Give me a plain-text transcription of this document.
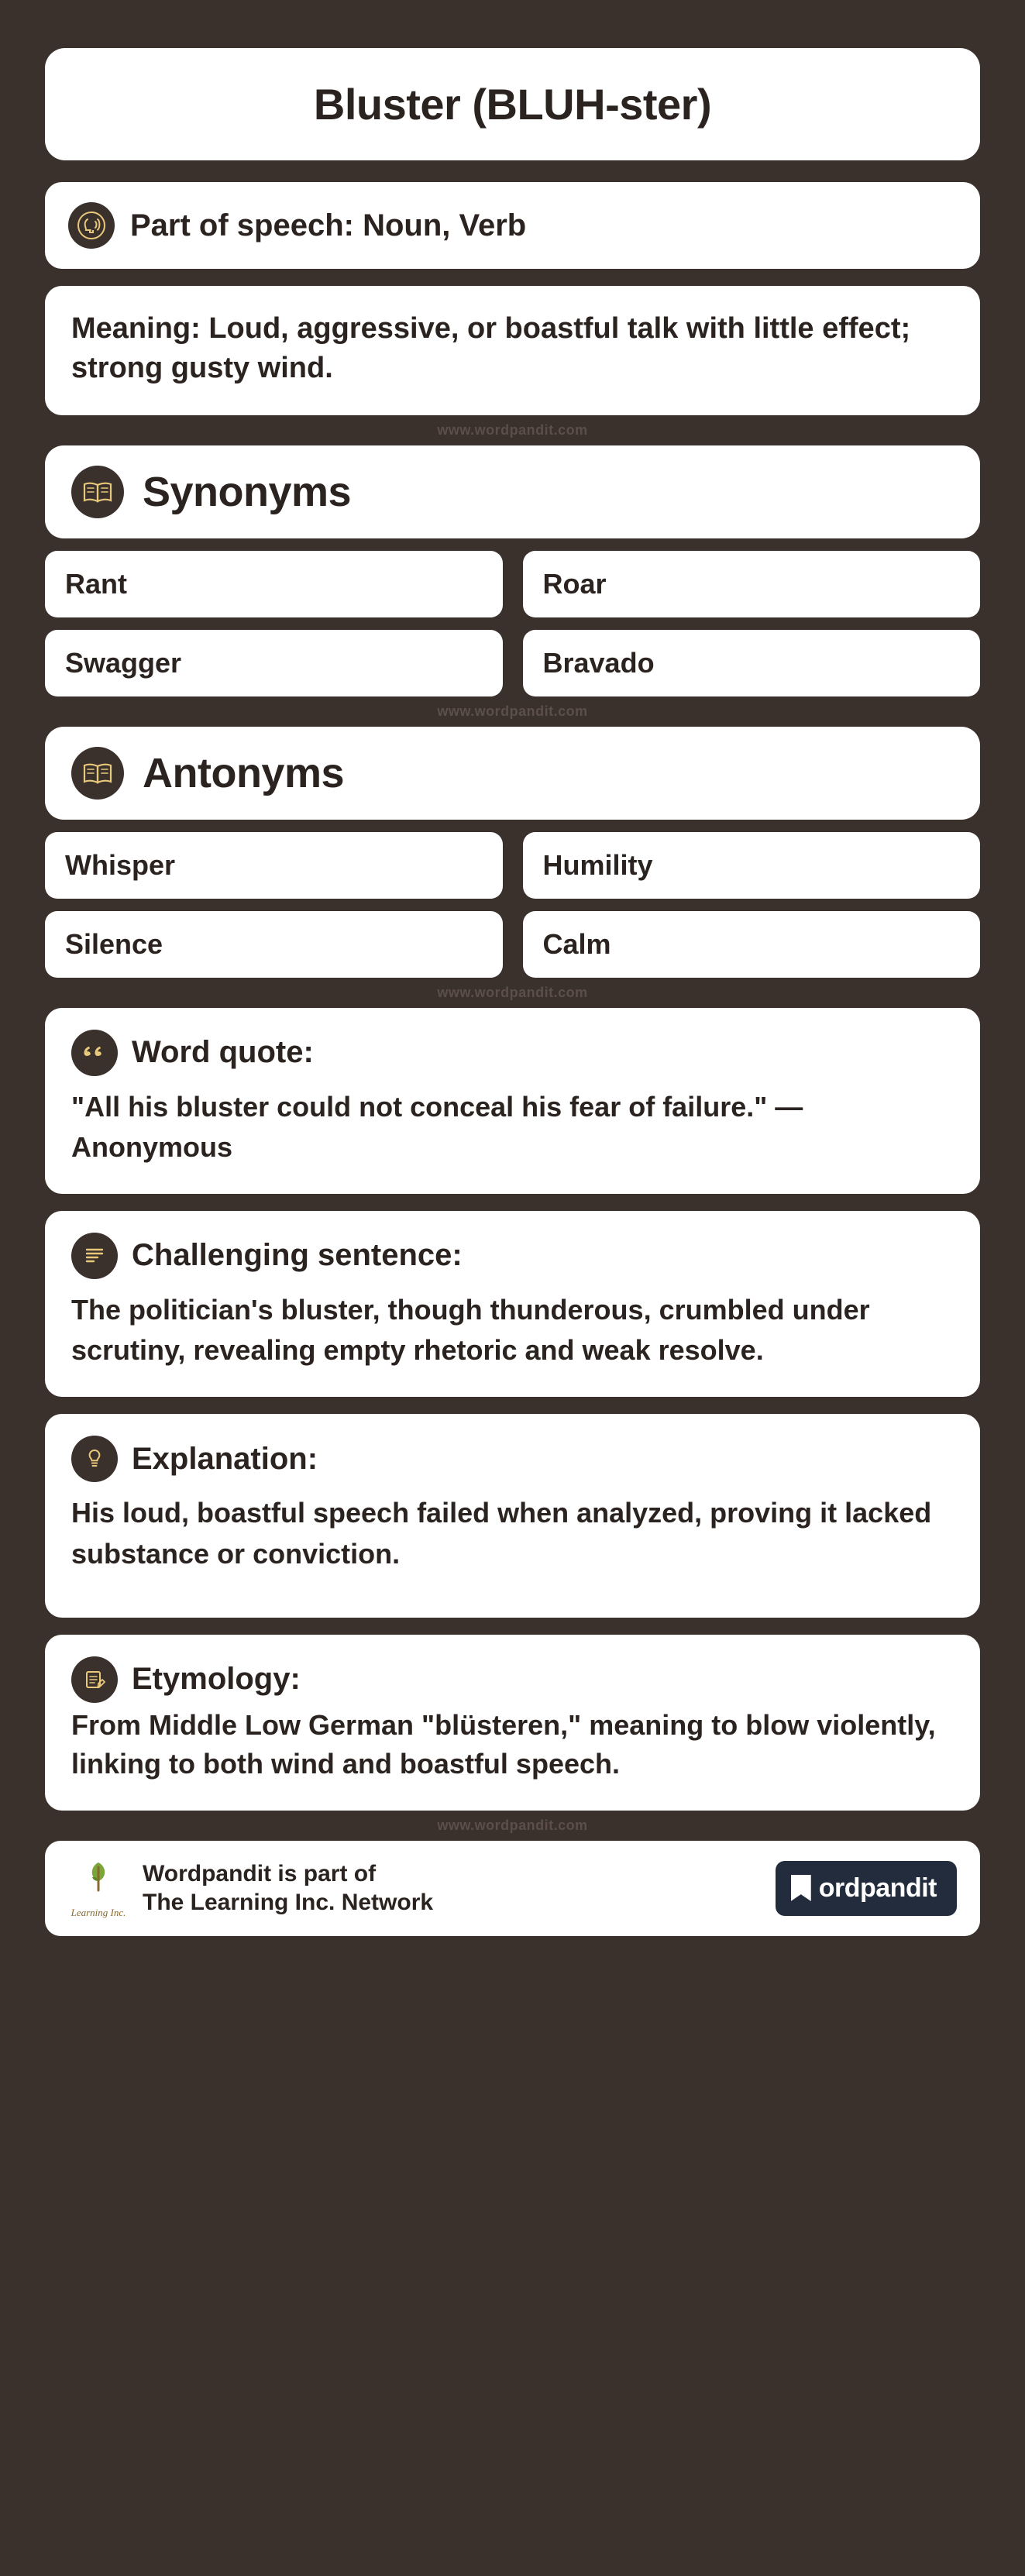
Bluster (BLUH-ster)
Part of speech: Noun, Verb
Meaning: Loud, aggressive, or boastful talk with little effect; strong gusty wind.
www.wordpandit.com
Synonyms
Rant	Roar
Swagger	Bravado
www.wordpandit.com
Antonyms
Whisper	Humility
Silence	Calm
www.wordpandit.com
Word quote:
"All his bluster could not conceal his fear of failure." — Anonymous
Challenging sentence:
The politician's bluster, though thunderous, crumbled under scrutiny, revealing empty rhetoric and weak resolve.
Explanation:
His loud, boastful speech failed when analyzed, proving it lacked substance or conviction.
Etymology:
From Middle Low German "blüsteren," meaning to blow violently, linking to both wind and boastful speech.
www.wordpandit.com
Learning Inc.
Wordpandit is part of
The Learning Inc. Network	ordpandit
